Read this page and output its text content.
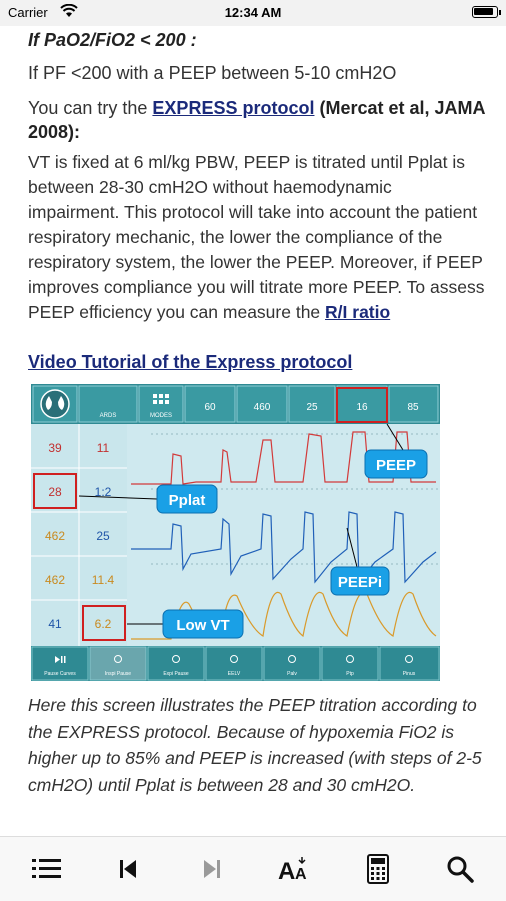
Carrier	12:34 AM

If PaO2/FiO2 < 200 :

If PF <200 with a PEEP between 5-10 cmH2O

You can try the EXPRESS protocol (Mercat et al, JAMA 2008):

VT is fixed at 6 ml/kg PBW, PEEP is titrated until Pplat is between 28-30 cmH2O without haemodynamic impairment. This protocol will take into account the patient respiratory mechanic, the lower the compliance of the respiratory system, the lower the PEEP. Moreover, if PEEP improves compliance you will titrate more PEEP. To assess PEEP efficiency you can measure the R/I ratio

Video Tutorial of the Express protocol

ARDS	MODES
60	460	25	16	85
39	11
28	1:2
462	25
462 11.4
41	6.2
PEEP
Pplat
PEEPi
Low VT
Pause Curves	Inspi Pause	Expi Pause	EELV	Palv	Ptp	Pinus

Here this screen illustrates the PEEP titration according to the EXPRESS protocol. Because of hypoxemia FiO2 is higher up to 85% and PEEP is increased (with steps of 2-5 cmH2O) until Pplat is between 28 and 30 cmH2O.

A A
